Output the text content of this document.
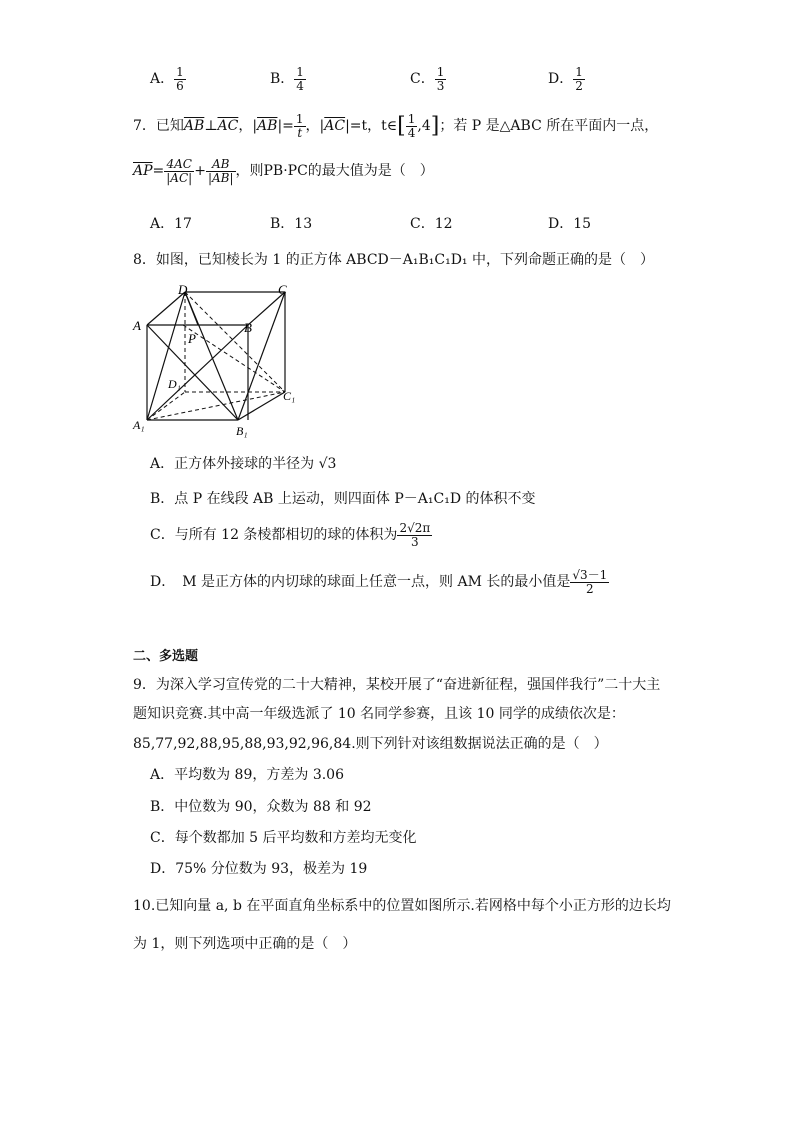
A． $\frac{1}{6}$	B． $\frac{1}{4}$	C． $\frac{1}{3}$	D． $\frac{1}{2}$
7．已知$\overline{AB}\perp\overline{AC}$，$|\overline{AB}|= \frac{1}{t}$ ，$|\overline{AC}|=t$，t∈[ $\frac{1}{4} ,4$]；若 P 是△ABC 所在平面内一点，
$\overline{AP}= \frac{4AC}{|AC|} + \frac{AB}{|AB|}$ ，则PB·PC的最大值为是（　）
A．17	B．13	C．12	D．15
8．如图，已知棱长为 1 的正方体 ABCD－A₁B₁C₁D₁ 中，下列命题正确的是（　）
D	C
A	B
P
D₁
C₁
A₁	B₁
A．正方体外接球的半径为 √3
B．点 P 在线段 AB 上运动，则四面体 P－A₁C₁D 的体积不变
C．与所有 12 条棱都相切的球的体积为 $\frac{2√2\pi}{3}$
D．　M 是正方体的内切球的球面上任意一点，则 AM 长的最小值是 $\frac{√3-1}{2}$
二、多选题
9．为深入学习宣传党的二十大精神，某校开展了“奋进新征程，强国伴我行”二十大主
题知识竞赛.其中高一年级选派了 10 名同学参赛，且该 10 同学的成绩依次是：
85,77,92,88,95,88,93,92,96,84.则下列针对该组数据说法正确的是（　）
A．平均数为 89，方差为 3.06
B．中位数为 90，众数为 88 和 92
C．每个数都加 5 后平均数和方差均无变化
D．75% 分位数为 93，极差为 19
10.已知向量 a, b 在平面直角坐标系中的位置如图所示.若网格中每个小正方形的边长均
为 1，则下列选项中正确的是（　）
